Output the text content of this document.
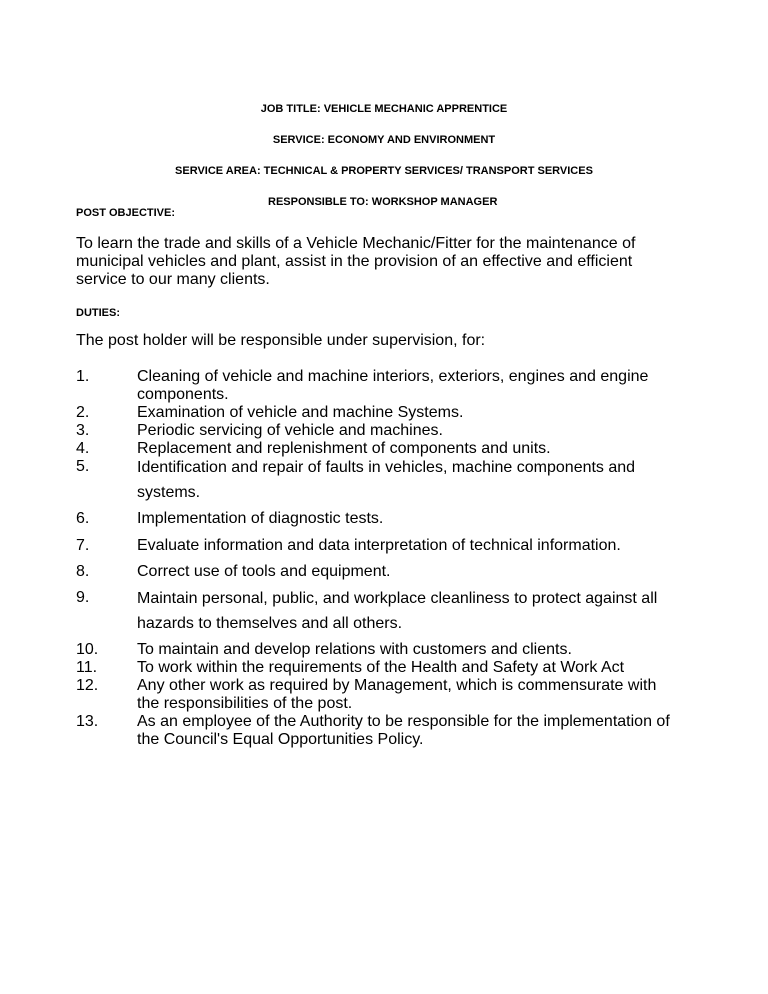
JOB TITLE: VEHICLE MECHANIC APPRENTICE
SERVICE: ECONOMY AND ENVIRONMENT
SERVICE AREA: TECHNICAL & PROPERTY SERVICES/ TRANSPORT SERVICES
RESPONSIBLE TO: WORKSHOP MANAGER
POST OBJECTIVE:
To learn the trade and skills of a Vehicle Mechanic/Fitter for the maintenance of municipal vehicles and plant, assist in the provision of an effective and efficient service to our many clients.
DUTIES:
The post holder will be responsible under supervision, for:
1.	Cleaning of vehicle and machine interiors, exteriors, engines and engine components.
2.	Examination of vehicle and machine Systems.
3.	Periodic servicing of vehicle and machines.
4.	Replacement and replenishment of components and units.
5.	Identification and repair of faults in vehicles, machine components and systems.
6.	Implementation of diagnostic tests.
7.	Evaluate information and data interpretation of technical information.
8.	Correct use of tools and equipment.
9.	Maintain personal, public, and workplace cleanliness to protect against all hazards to themselves and all others.
10.	To maintain and develop relations with customers and clients.
11.	To work within the requirements of the Health and Safety at Work Act
12.	Any other work as required by Management, which is commensurate with the responsibilities of the post.
13.	As an employee of the Authority to be responsible for the implementation of the Council's Equal Opportunities Policy.
